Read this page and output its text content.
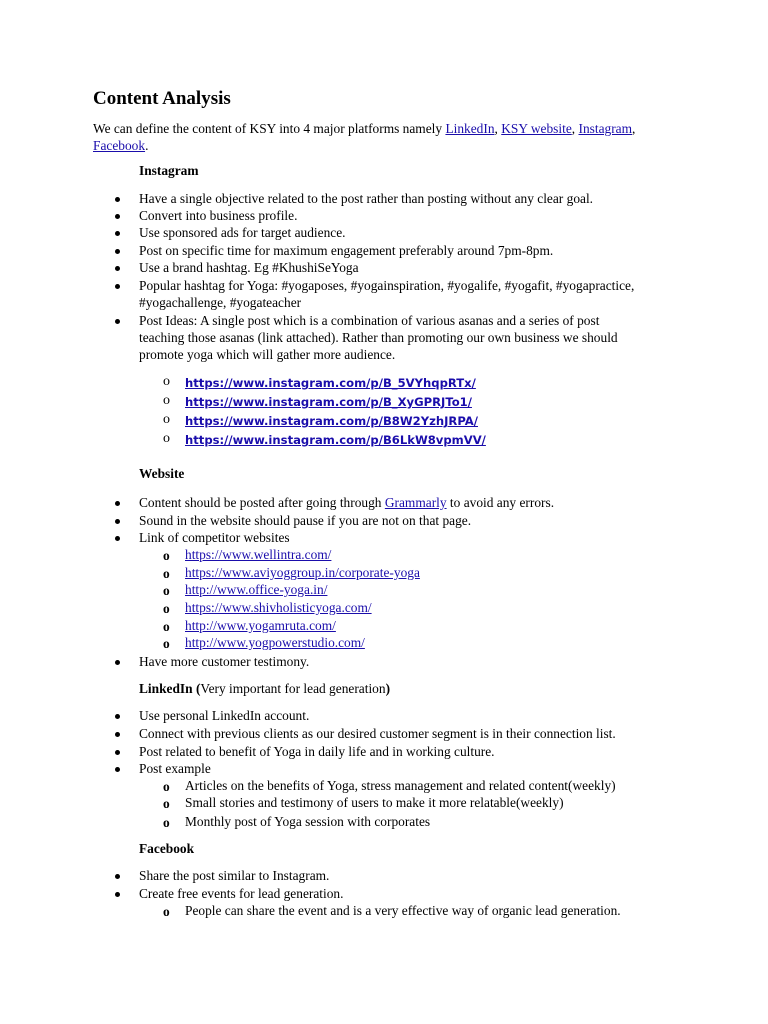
Content Analysis
We can define the content of KSY into 4 major platforms namely LinkedIn, KSY website, Instagram,
Facebook.
Instagram
Have a single objective related to the post rather than posting without any clear goal.
Convert into business profile.
Use sponsored ads for target audience.
Post on specific time for maximum engagement preferably around 7pm-8pm.
Use a brand hashtag. Eg #KhushiSeYoga
Popular hashtag for Yoga: #yogaposes, #yogainspiration, #yogalife, #yogafit, #yogapractice,
#yogachallenge, #yogateacher
Post Ideas: A single post which is a combination of various asanas and a series of post
teaching those asanas (link attached). Rather than promoting our own business we should
promote yoga which will gather more audience.
o https://www.instagram.com/p/B_5VYhqpRTx/
o https://www.instagram.com/p/B_XyGPRJTo1/
o https://www.instagram.com/p/B8W2YzhJRPA/
o https://www.instagram.com/p/B6LkW8vpmVV/
Website
Content should be posted after going through Grammarly to avoid any errors.
Sound in the website should pause if you are not on that page.
Link of competitor websites
o https://www.wellintra.com/
o https://www.aviyoggroup.in/corporate-yoga
o http://www.office-yoga.in/
o https://www.shivholisticyoga.com/
o http://www.yogamruta.com/
o http://www.yogpowerstudio.com/
Have more customer testimony.
LinkedIn (Very important for lead generation)
Use personal LinkedIn account.
Connect with previous clients as our desired customer segment is in their connection list.
Post related to benefit of Yoga in daily life and in working culture.
Post example
o Articles on the benefits of Yoga, stress management and related content(weekly)
o Small stories and testimony of users to make it more relatable(weekly)
o Monthly post of Yoga session with corporates
Facebook
Share the post similar to Instagram.
Create free events for lead generation.
o People can share the event and is a very effective way of organic lead generation.
